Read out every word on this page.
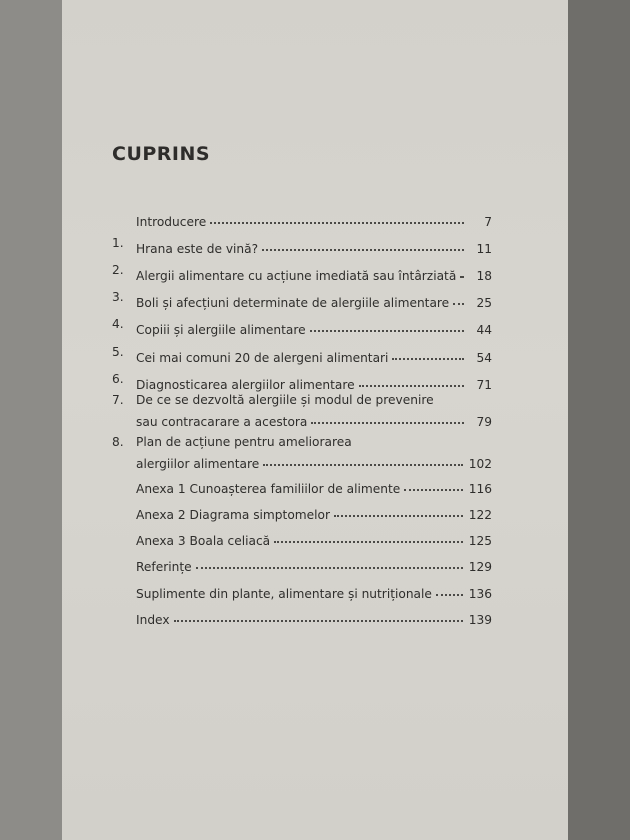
CUPRINS
Introducere	7
1.	Hrana este de vină?	11
2.	Alergii alimentare cu acțiune imediată sau întârziată	18
3.	Boli și afecțiuni determinate de alergiile alimentare	25
4.	Copiii și alergiile alimentare	44
5.	Cei mai comuni 20 de alergeni alimentari	54
6.	Diagnosticarea alergiilor alimentare	71
7.	De ce se dezvoltă alergiile și modul de prevenire
sau contracarare a acestora	79
8.	Plan de acțiune pentru ameliorarea
alergiilor alimentare	102
Anexa 1 Cunoașterea familiilor de alimente	116
Anexa 2 Diagrama simptomelor	122
Anexa 3 Boala celiacă	125
Referințe	129
Suplimente din plante, alimentare și nutriționale	136
Index	139
